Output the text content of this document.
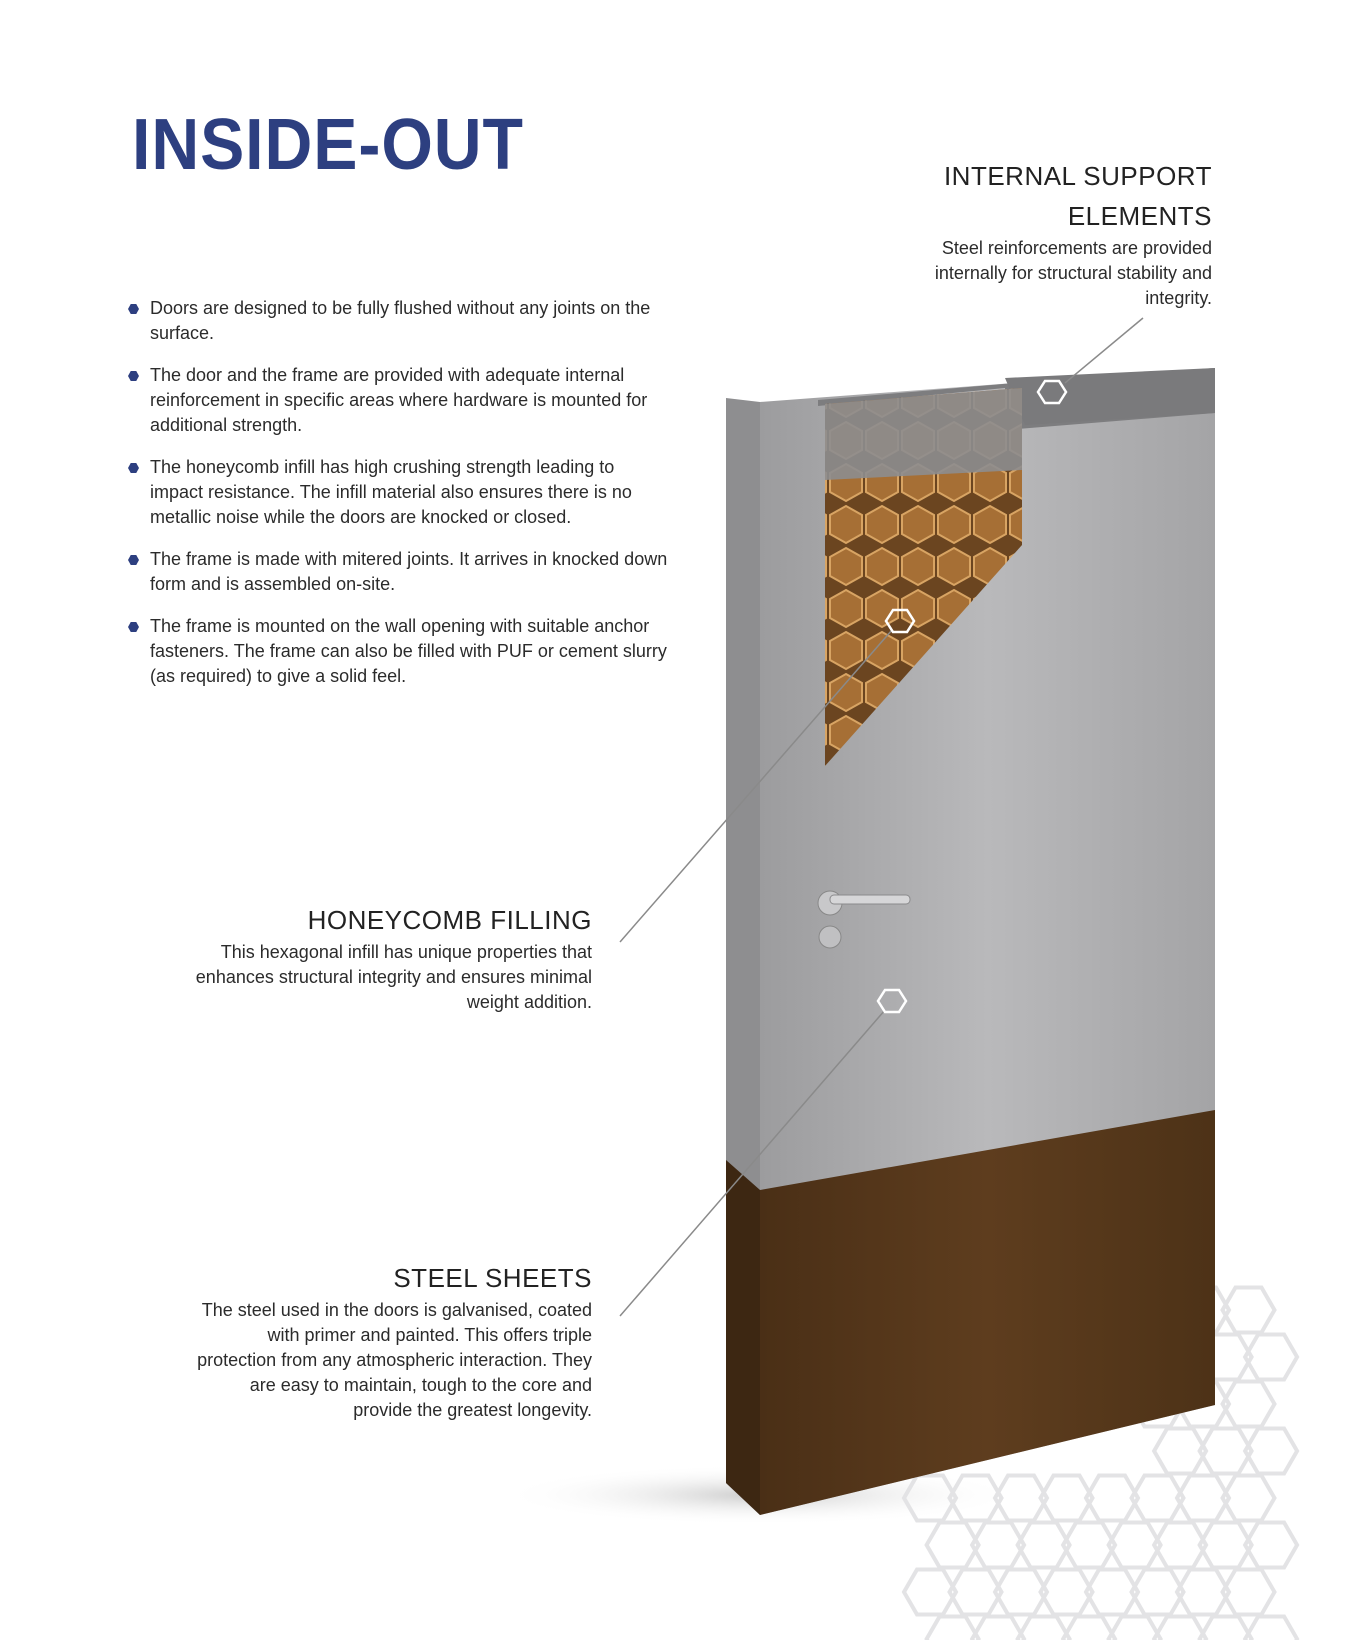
INSIDE-OUT
Doors are designed to be fully flushed without any joints on the surface.
The door and the frame are provided with adequate internal reinforcement in specific areas where hardware is mounted for additional strength.
The honeycomb infill has high crushing strength leading to impact resistance. The infill material also ensures there is no metallic noise while the doors are knocked or closed.
The frame is made with mitered joints. It arrives in knocked down form and is assembled on-site.
The frame is mounted on the wall opening with suitable anchor fasteners. The frame can also be filled with PUF or cement slurry (as required) to give a solid feel.
INTERNAL SUPPORT ELEMENTS

Steel reinforcements are provided internally for structural stability and integrity.

HONEYCOMB FILLING

This hexagonal infill has unique properties that enhances structural integrity and ensures minimal weight addition.

STEEL SHEETS

The steel used in the doors is galvanised, coated with primer and painted. This offers triple protection from any atmospheric interaction. They are easy to maintain, tough to the core and provide the greatest longevity.
